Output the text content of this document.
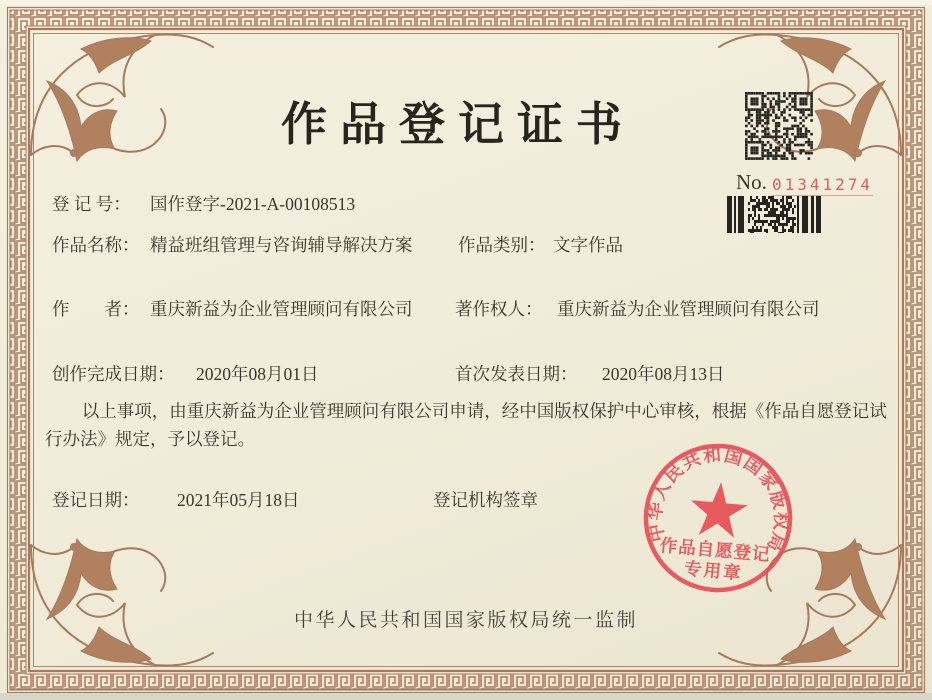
作品登记证书
No. 01341274
登 记 号： 国作登字-2021-A-00108513
作品名称： 精益班组管理与咨询辅导解决方案	作品类别： 文字作品
作　　者： 重庆新益为企业管理顾问有限公司 著作权人： 重庆新益为企业管理顾问有限公司
创作完成日期： 2020年08月01日	首次发表日期： 2020年08月13日

以上事项，由重庆新益为企业管理顾问有限公司申请，经中国版权保护中心审核，根据《作品自愿登记试行办法》规定，予以登记。

登记日期： 2021年05月18日	登记机构签章
中华人民共和国国家版权局
作品自愿登记
专用章
中华人民共和国国家版权局统一监制
